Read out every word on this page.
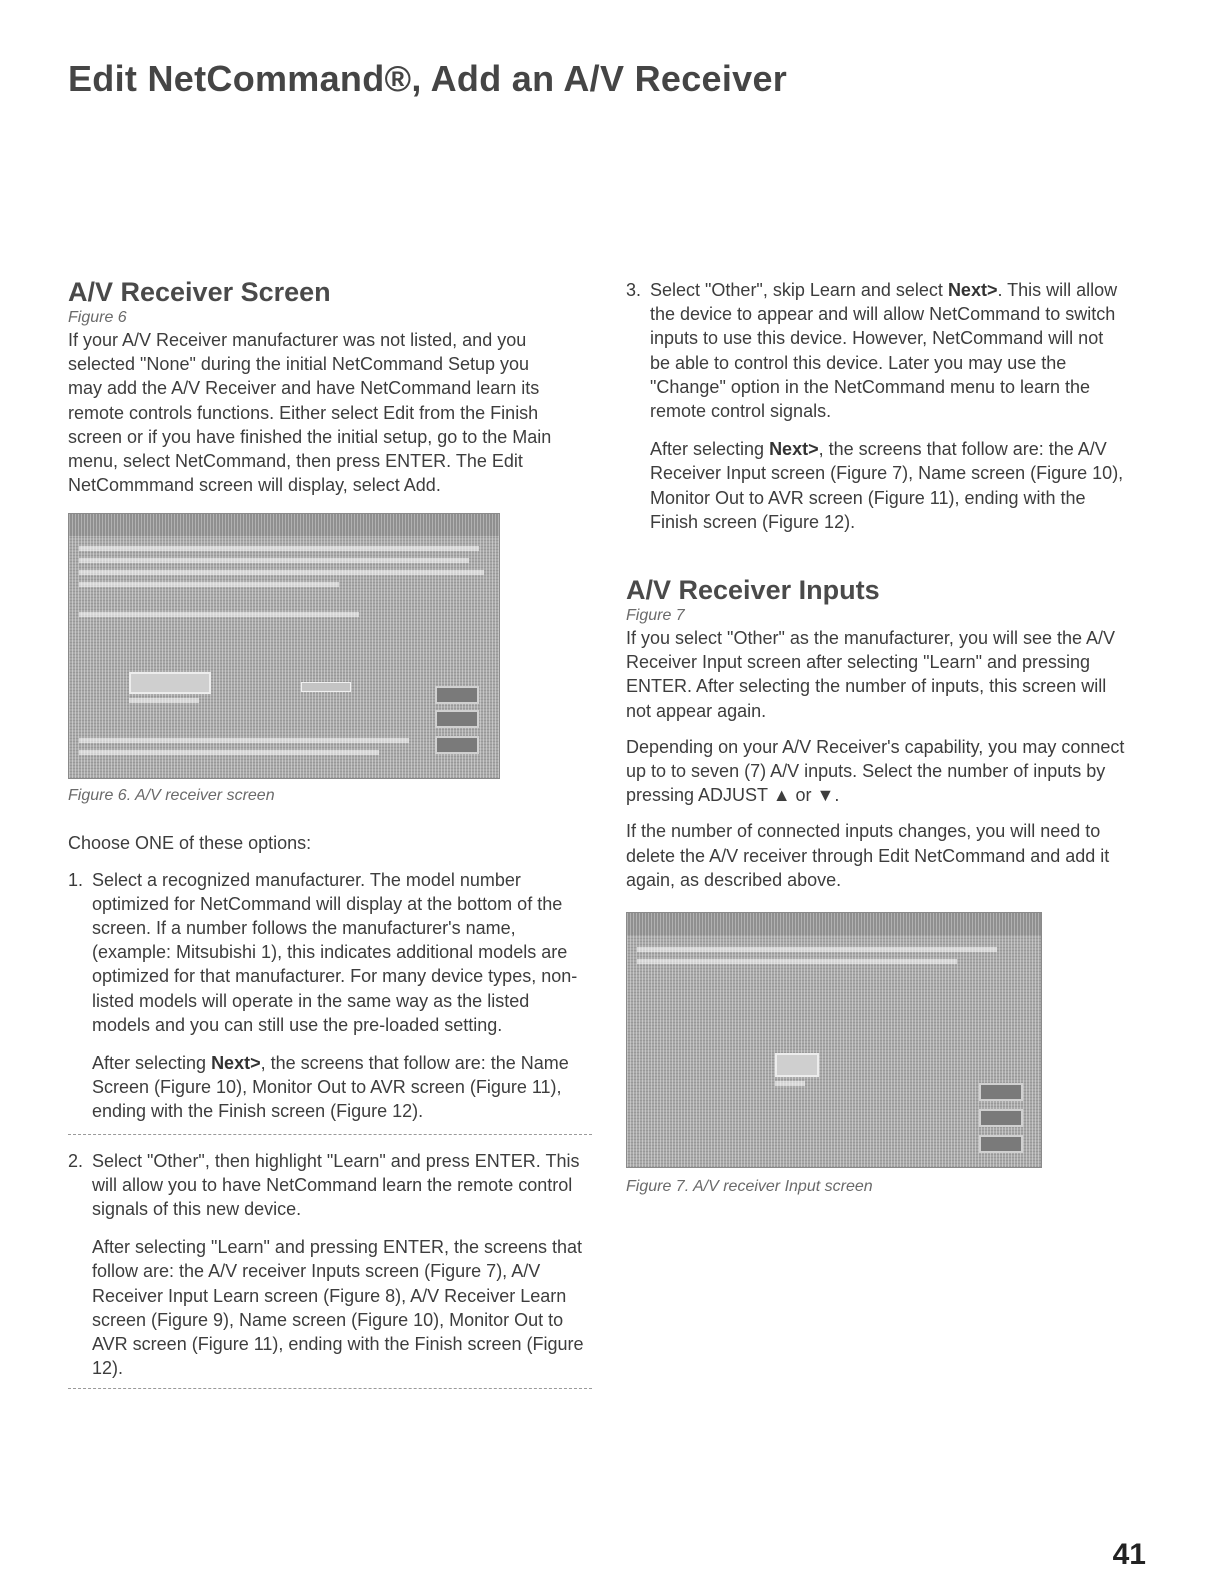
Edit NetCommand®, Add an A/V Receiver
A/V Receiver Screen
Figure 6

If your A/V Receiver manufacturer was not listed, and you selected "None" during the initial NetCommand Setup you may add the A/V Receiver and have NetCommand learn its remote controls functions. Either select Edit from the Finish screen or if you have finished the initial setup, go to the Main menu, select NetCommand, then press ENTER. The Edit NetCommmand screen will display, select Add.

Figure 6. A/V receiver screen

Choose ONE of these options:

1. Select a recognized manufacturer. The model number optimized for NetCommand will display at the bottom of the screen. If a number follows the manufacturer's name, (example: Mitsubishi 1), this indicates additional models are optimized for that manufacturer. For many device types, non-listed models will operate in the same way as the listed models and you can still use the pre-loaded setting.

After selecting Next>, the screens that follow are: the Name Screen (Figure 10), Monitor Out to AVR screen (Figure 11), ending with the Finish screen (Figure 12).

2. Select "Other", then highlight "Learn" and press ENTER. This will allow you to have NetCommand learn the remote control signals of this new device.

After selecting "Learn" and pressing ENTER, the screens that follow are: the A/V receiver Inputs screen (Figure 7), A/V Receiver Input Learn screen (Figure 8), A/V Receiver Learn screen (Figure 9), Name screen (Figure 10), Monitor Out to AVR screen (Figure 11), ending with the Finish screen (Figure 12).

3. Select "Other", skip Learn and select Next>. This will allow the device to appear and will allow NetCommand to switch inputs to use this device. However, NetCommand will not be able to control this device. Later you may use the "Change" option in the NetCommand menu to learn the remote control signals.

After selecting Next>, the screens that follow are: the A/V Receiver Input screen (Figure 7), Name screen (Figure 10), Monitor Out to AVR screen (Figure 11), ending with the Finish screen (Figure 12).

A/V Receiver Inputs
Figure 7

If you select "Other" as the manufacturer, you will see the A/V Receiver Input screen after selecting "Learn" and pressing ENTER. After selecting the number of inputs, this screen will not appear again.

Depending on your A/V Receiver's capability, you may connect up to to seven (7) A/V inputs. Select the number of inputs by pressing ADJUST ▲ or ▼.

If the number of connected inputs changes, you will need to delete the A/V receiver through Edit NetCommand and add it again, as described above.

Figure 7. A/V receiver Input screen
41
